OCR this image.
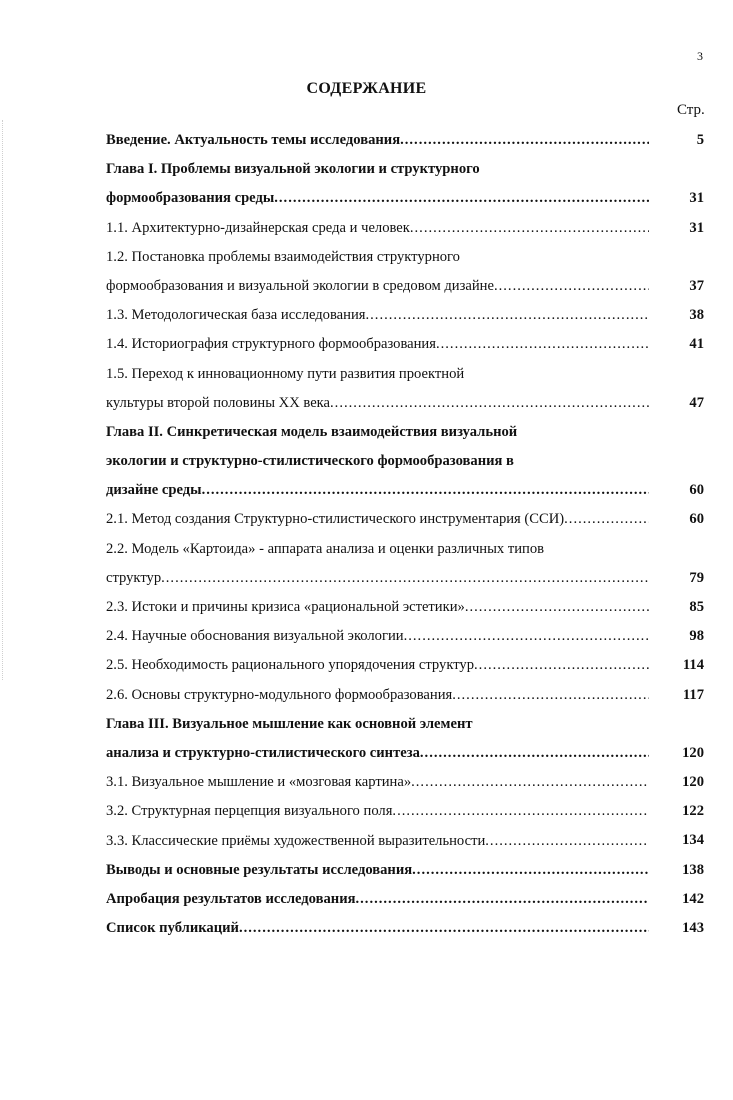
3
СОДЕРЖАНИЕ
Стр.
Введение. Актуальность темы исследования .....	5
Глава I. Проблемы визуальной экологии и структурного
формообразования среды .....	31
1.1. Архитектурно-дизайнерская среда и человек .....	31
1.2. Постановка проблемы взаимодействия структурного
формообразования и визуальной экологии в средовом дизайне .....	37
1.3. Методологическая база исследования .....	38
1.4. Историография структурного формообразования .....	41
1.5. Переход к инновационному пути развития проектной
культуры второй половины XX века .....	47
Глава II. Синкретическая модель взаимодействия визуальной
экологии и структурно-стилистического формообразования в
дизайне среды .....	60
2.1. Метод создания Структурно-стилистического инструментария (ССИ) .....	60
2.2. Модель «Картоида» - аппарата анализа и оценки различных типов
структур .....	79
2.3. Истоки и причины кризиса «рациональной эстетики» .....	85
2.4. Научные обоснования визуальной экологии .....	98
2.5. Необходимость рационального упорядочения структур .....	114
2.6. Основы структурно-модульного формообразования .....	117
Глава III. Визуальное мышление как основной элемент
анализа и структурно-стилистического синтеза .....	120
3.1. Визуальное мышление и «мозговая картина» .....	120
3.2. Структурная перцепция визуального поля .....	122
3.3. Классические приёмы художественной выразительности .....	134
Выводы и основные результаты исследования .....	138
Апробация результатов исследования .....	142
Список публикаций .....	143
